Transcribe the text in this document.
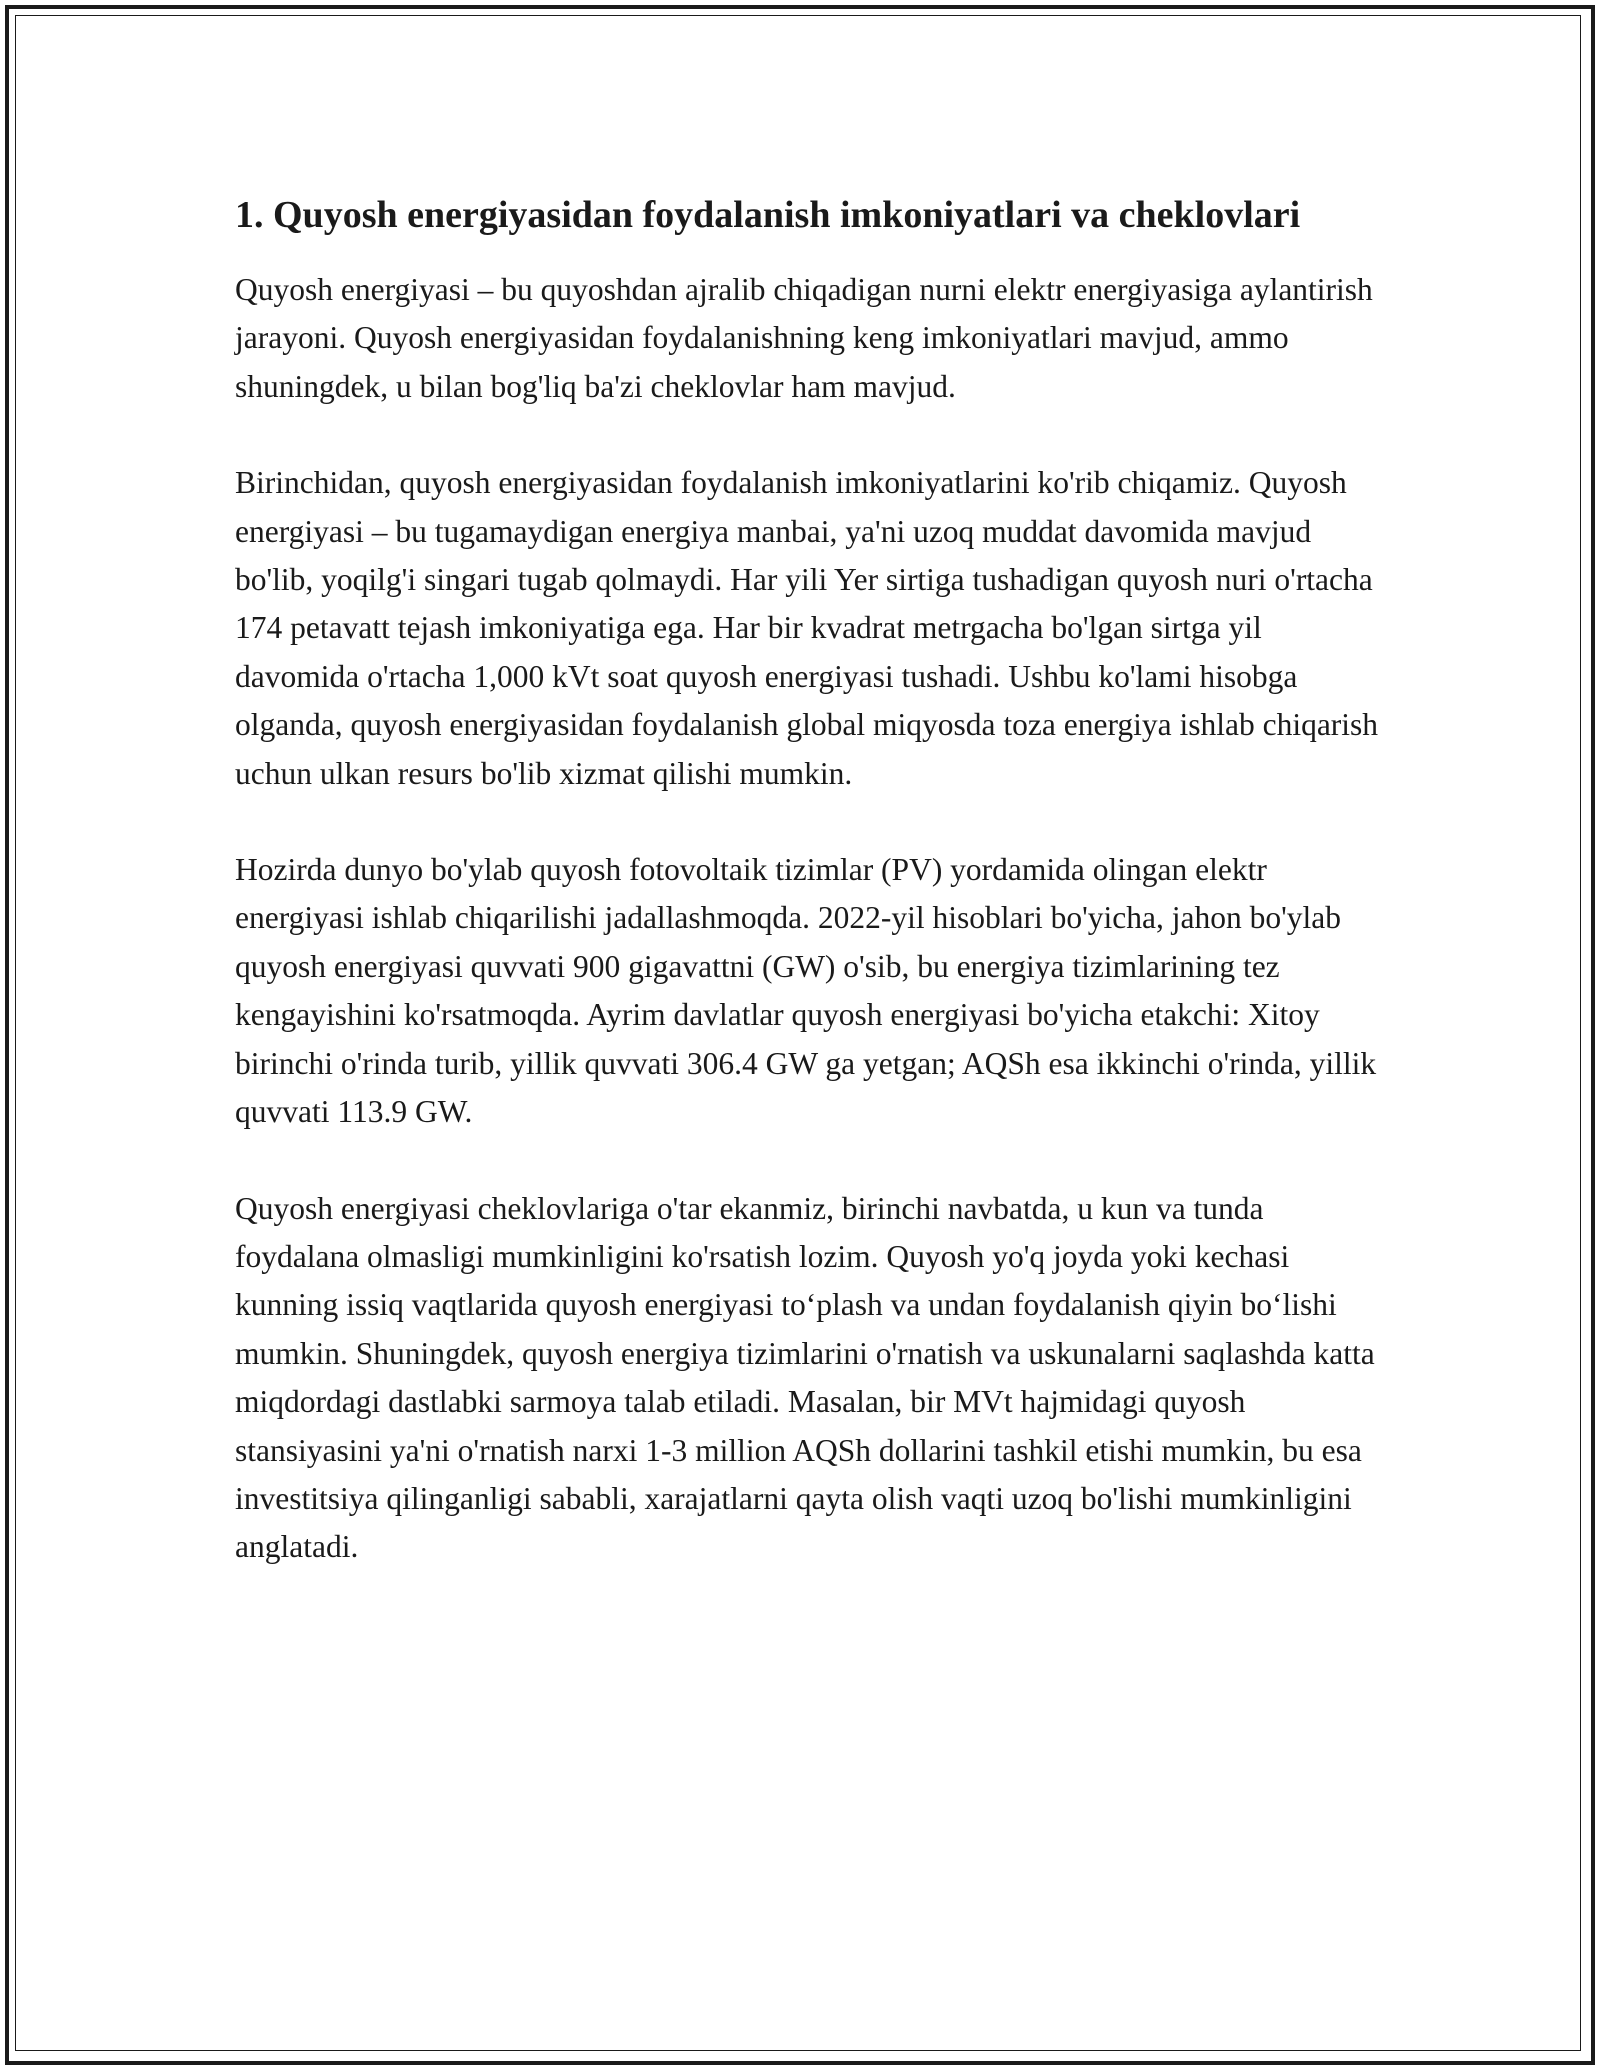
1. Quyosh energiyasidan foydalanish imkoniyatlari va cheklovlari

Quyosh energiyasi – bu quyoshdan ajralib chiqadigan nurni elektr energiyasiga aylantirish jarayoni. Quyosh energiyasidan foydalanishning keng imkoniyatlari mavjud, ammo shuningdek, u bilan bog'liq ba'zi cheklovlar ham mavjud.

Birinchidan, quyosh energiyasidan foydalanish imkoniyatlarini ko'rib chiqamiz. Quyosh energiyasi – bu tugamaydigan energiya manbai, ya'ni uzoq muddat davomida mavjud bo'lib, yoqilg'i singari tugab qolmaydi. Har yili Yer sirtiga tushadigan quyosh nuri o'rtacha 174 petavatt tejash imkoniyatiga ega. Har bir kvadrat metrgacha bo'lgan sirtga yil davomida o'rtacha 1,000 kVt soat quyosh energiyasi tushadi. Ushbu ko'lami hisobga olganda, quyosh energiyasidan foydalanish global miqyosda toza energiya ishlab chiqarish uchun ulkan resurs bo'lib xizmat qilishi mumkin.

Hozirda dunyo bo'ylab quyosh fotovoltaik tizimlar (PV) yordamida olingan elektr energiyasi ishlab chiqarilishi jadallashmoqda. 2022-yil hisoblari bo'yicha, jahon bo'ylab quyosh energiyasi quvvati 900 gigavattni (GW) o'sib, bu energiya tizimlarining tez kengayishini ko'rsatmoqda. Ayrim davlatlar quyosh energiyasi bo'yicha etakchi: Xitoy birinchi o'rinda turib, yillik quvvati 306.4 GW ga yetgan; AQSh esa ikkinchi o'rinda, yillik quvvati 113.9 GW.

Quyosh energiyasi cheklovlariga o'tar ekanmiz, birinchi navbatda, u kun va tunda foydalana olmasligi mumkinligini ko'rsatish lozim. Quyosh yo'q joyda yoki kechasi kunning issiq vaqtlarida quyosh energiyasi to‘plash va undan foydalanish qiyin bo‘lishi mumkin. Shuningdek, quyosh energiya tizimlarini o'rnatish va uskunalarni saqlashda katta miqdordagi dastlabki sarmoya talab etiladi. Masalan, bir MVt hajmidagi quyosh stansiyasini ya'ni o'rnatish narxi 1-3 million AQSh dollarini tashkil etishi mumkin, bu esa investitsiya qilinganligi sababli, xarajatlarni qayta olish vaqti uzoq bo'lishi mumkinligini anglatadi.
